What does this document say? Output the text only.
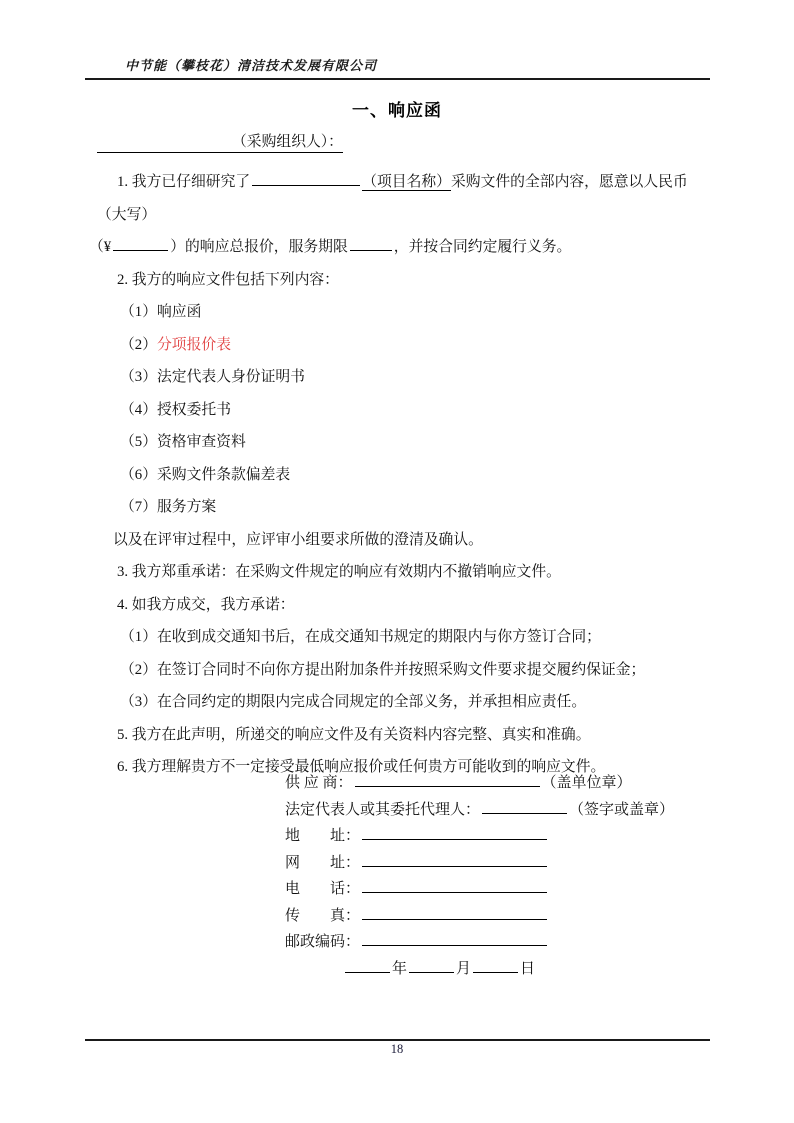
中节能（攀枝花）清洁技术发展有限公司
一、响应函
（采购组织人）：

1. 我方已仔细研究了	（项目名称）采购文件的全部内容，愿意以人民币（大写）

（¥	）的响应总报价，服务期限	，并按合同约定履行义务。

2. 我方的响应文件包括下列内容：

（1）响应函

（2）分项报价表

（3）法定代表人身份证明书

（4）授权委托书

（5）资格审查资料

（6）采购文件条款偏差表

（7）服务方案

以及在评审过程中，应评审小组要求所做的澄清及确认。

3. 我方郑重承诺：在采购文件规定的响应有效期内不撤销响应文件。

4. 如我方成交，我方承诺：

（1）在收到成交通知书后，在成交通知书规定的期限内与你方签订合同；

（2）在签订合同时不向你方提出附加条件并按照采购文件要求提交履约保证金；

（3）在合同约定的期限内完成合同规定的全部义务，并承担相应责任。

5. 我方在此声明，所递交的响应文件及有关资料内容完整、真实和准确。

6. 我方理解贵方不一定接受最低响应报价或任何贵方可能收到的响应文件。

供 应 商：	（盖单位章）
法定代表人或其委托代理人：	（签字或盖章）
地　　址：
网　　址：
电　　话：
传　　真：
邮政编码：
年	月	日
18
